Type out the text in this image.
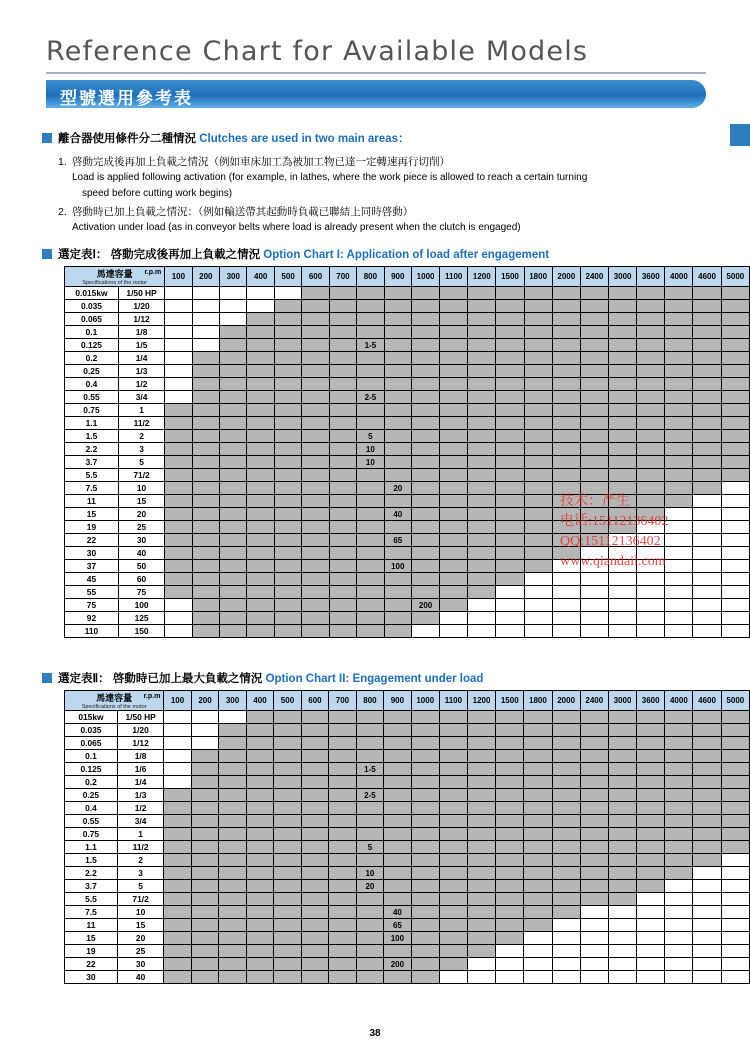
Reference Chart for Available Models
型號選用參考表
離合器使用條件分二種情況 Clutches are used in two main areas：
1. 啓動完成後再加上負載之情況（例如車床加工為被加工物已達一定轉速再行切削）
Load is applied following activation (for example, in lathes, where the work piece is allowed to reach a certain turning
speed before cutting work begins)
2. 啓動時已加上負載之情況：（例如輸送帶其起動時負載已聯結上同時啓動）
Activation under load (as in conveyor belts where load is already present when the clutch is engaged)
選定表Ⅰ： 啓動完成後再加上負載之情況 Option Chart I: Application of load after engagement
馬達容量
Specifications of the motor
r.p.m		100	200	300	400	500	600	700	800	900	1000	1100	1200	1500	1800	2000	2400	3000	3600	4000	4600	5000
0.015kw	1/50 HP																					
0.035	1/20																					
0.065	1/12																					
0.1	1/8																					
0.125	1/5								1-5													
0.2	1/4																					
0.25	1/3																					
0.4	1/2																					
0.55	3/4								2-5													
0.75	1																					
1.1	11/2																					
1.5	2								5													
2.2	3								10													
3.7	5								10													
5.5	71/2																					
7.5	10									20												
11	15																					
15	20									40												
19	25																					
22	30									65												
30	40																					
37	50									100												
45	60																					
55	75																					
75	100										200											
92	125																					
110	150																					
選定表Ⅱ： 啓動時已加上最大負載之情況 Option Chart II: Engagement under load
馬達容量
Specifications of the motor
r.p.m		100	200	300	400	500	600	700	800	900	1000	1100	1200	1500	1800	2000	2400	3000	3600	4000	4600	5000
015kw	1/50 HP																					
0.035	1/20																					
0.065	1/12																					
0.1	1/8																					
0.125	1/6								1-5													
0.2	1/4																					
0.25	1/3								2-5													
0.4	1/2																					
0.55	3/4																					
0.75	1																					
1.1	11/2								5													
1.5	2																					
2.2	3								10													
3.7	5								20													
5.5	71/2																					
7.5	10									40												
11	15									65												
15	20									100												
19	25																					
22	30									200												
30	40																					
技术：严生
电话:15112136402
QQ:15112136402
www.qiandail.com
38
